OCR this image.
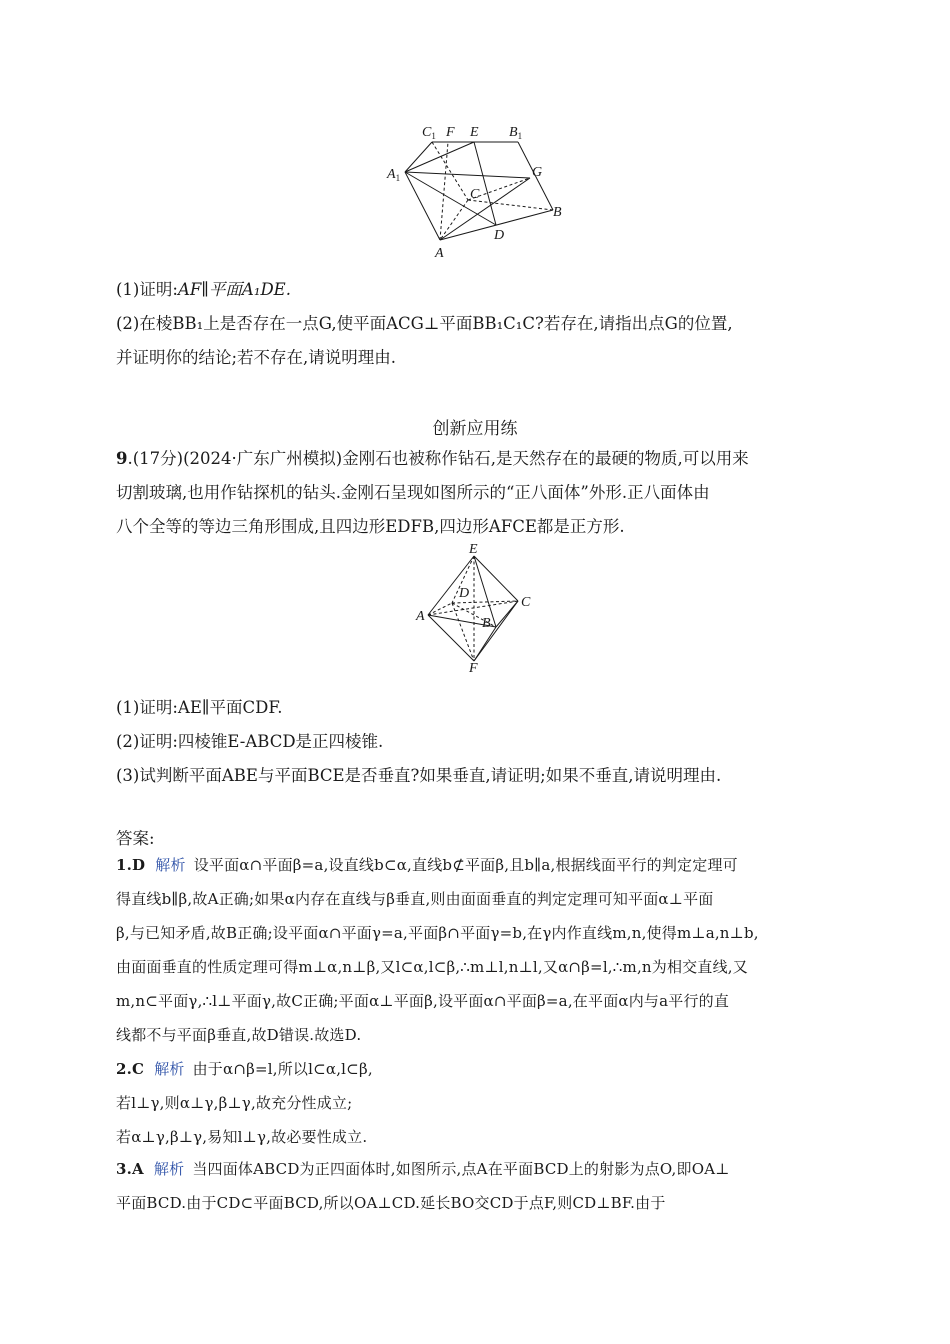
$C_1$ F E $B_1$
$A_1$	G
C
B
D
A
(1)证明:AF∥平面A₁DE.
(2)在棱BB₁上是否存在一点G,使平面ACG⊥平面BB₁C₁C?若存在,请指出点G的位置,
并证明你的结论;若不存在,请说明理由.
创新应用练
9.(17分)(2024·广东广州模拟)金刚石也被称作钻石,是天然存在的最硬的物质,可以用来
切割玻璃,也用作钻探机的钻头.金刚石呈现如图所示的“正八面体”外形.正八面体由
八个全等的等边三角形围成,且四边形EDFB,四边形AFCE都是正方形.
E
D
C
A	B
F
(1)证明:AE∥平面CDF.
(2)证明:四棱锥E-ABCD是正四棱锥.
(3)试判断平面ABE与平面BCE是否垂直?如果垂直,请证明;如果不垂直,请说明理由.
答案:
1.D 解析 设平面α∩平面β=a,设直线b⊂α,直线b⊄平面β,且b∥a,根据线面平行的判定定理可
得直线b∥β,故A正确;如果α内存在直线与β垂直,则由面面垂直的判定定理可知平面α⊥平面
β,与已知矛盾,故B正确;设平面α∩平面γ=a,平面β∩平面γ=b,在γ内作直线m,n,使得m⊥a,n⊥b,
由面面垂直的性质定理可得m⊥α,n⊥β,又l⊂α,l⊂β,∴m⊥l,n⊥l,又α∩β=l,∴m,n为相交直线,又
m,n⊂平面γ,∴l⊥平面γ,故C正确;平面α⊥平面β,设平面α∩平面β=a,在平面α内与a平行的直
线都不与平面β垂直,故D错误.故选D.
2.C 解析 由于α∩β=l,所以l⊂α,l⊂β,
若l⊥γ,则α⊥γ,β⊥γ,故充分性成立;
若α⊥γ,β⊥γ,易知l⊥γ,故必要性成立.
3.A 解析 当四面体ABCD为正四面体时,如图所示,点A在平面BCD上的射影为点O,即OA⊥
平面BCD.由于CD⊂平面BCD,所以OA⊥CD.延长BO交CD于点F,则CD⊥BF.由于
